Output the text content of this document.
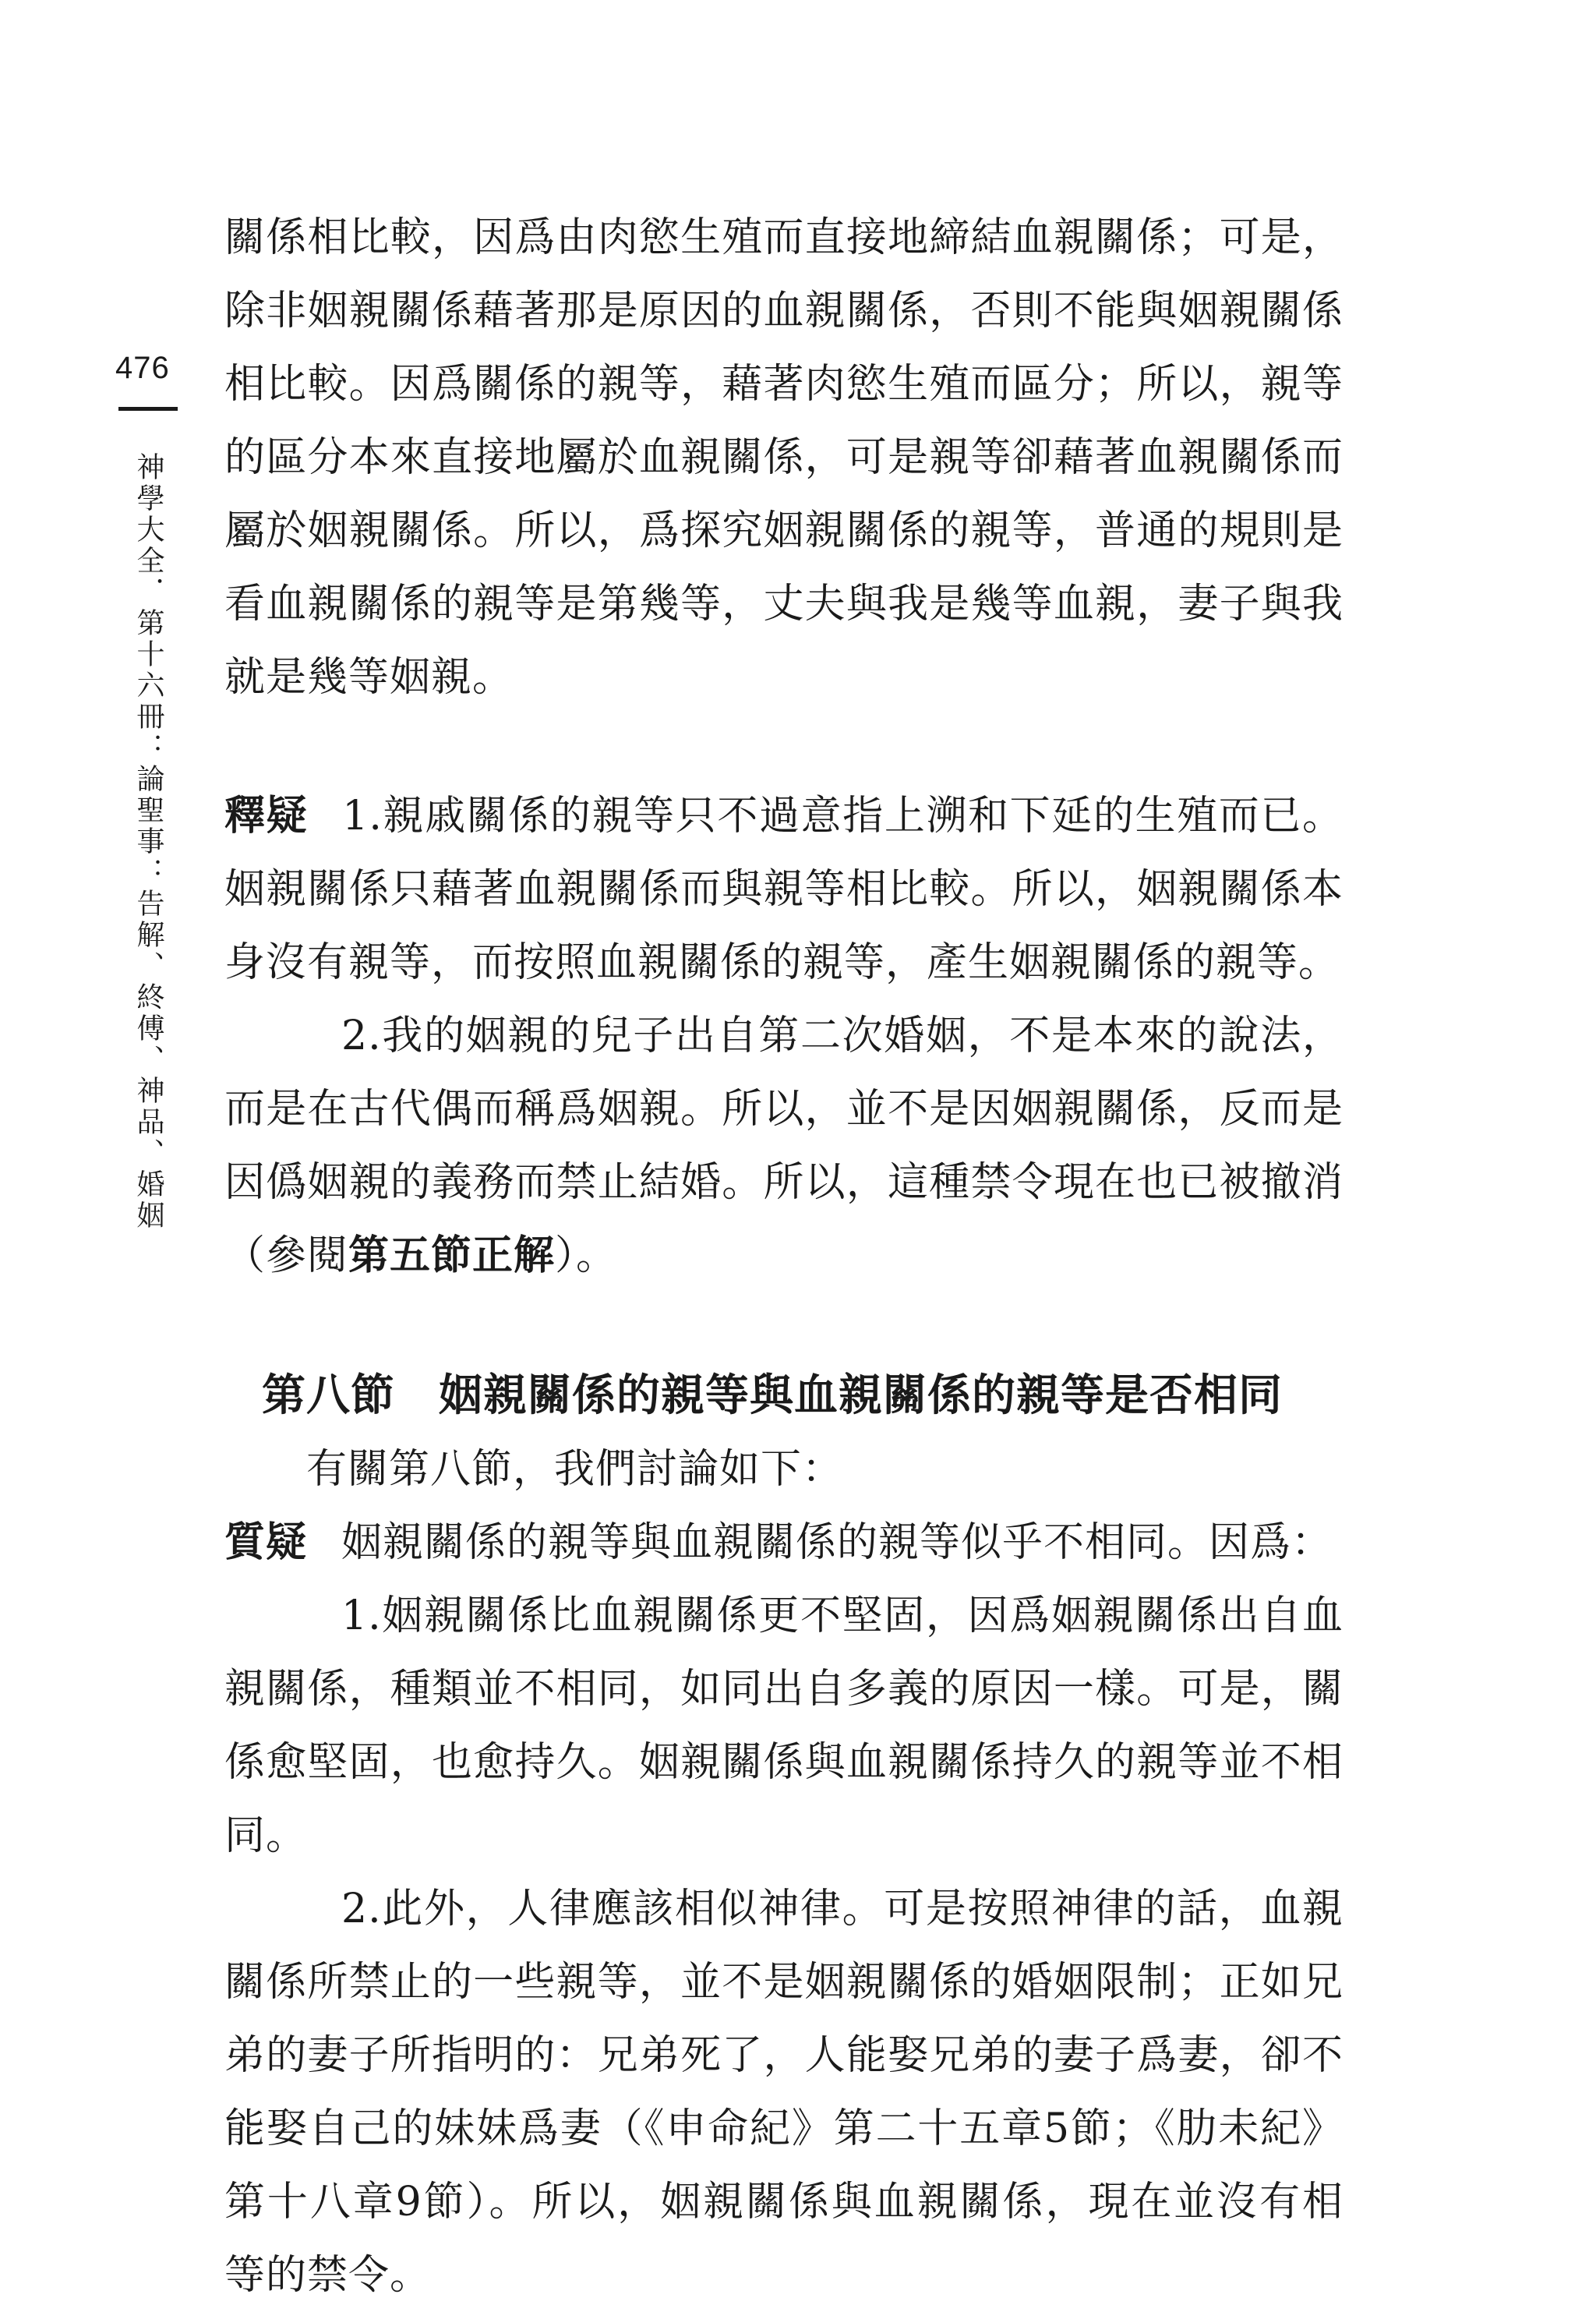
476
神學大全．第十六冊：論聖事：告解、終傅、神品、婚姻

關係相比較，因爲由肉慾生殖而直接地締結血親關係；可是，除非姻親關係藉著那是原因的血親關係，否則不能與姻親關係相比較。因爲關係的親等，藉著肉慾生殖而區分；所以，親等的區分本來直接地屬於血親關係，可是親等卻藉著血親關係而屬於姻親關係。所以，爲探究姻親關係的親等，普通的規則是看血親關係的親等是第幾等，丈夫與我是幾等血親，妻子與我就是幾等姻親。

釋疑 1.親戚關係的親等只不過意指上溯和下延的生殖而已。姻親關係只藉著血親關係而與親等相比較。所以，姻親關係本身沒有親等，而按照血親關係的親等，產生姻親關係的親等。

2.我的姻親的兒子出自第二次婚姻，不是本來的說法，而是在古代偶而稱爲姻親。所以，並不是因姻親關係，反而是因僞姻親的義務而禁止結婚。所以，這種禁令現在也已被撤消（參閱第五節正解）。

第八節 姻親關係的親等與血親關係的親等是否相同

有關第八節，我們討論如下：

質疑 姻親關係的親等與血親關係的親等似乎不相同。因爲：

1.姻親關係比血親關係更不堅固，因爲姻親關係出自血親關係，種類並不相同，如同出自多義的原因一樣。可是，關係愈堅固，也愈持久。姻親關係與血親關係持久的親等並不相同。

2.此外，人律應該相似神律。可是按照神律的話，血親關係所禁止的一些親等，並不是姻親關係的婚姻限制；正如兄弟的妻子所指明的：兄弟死了，人能娶兄弟的妻子爲妻，卻不能娶自己的妹妹爲妻（《申命紀》第二十五章5節；《肋未紀》第十八章9節）。所以，姻親關係與血親關係，現在並沒有相等的禁令。
